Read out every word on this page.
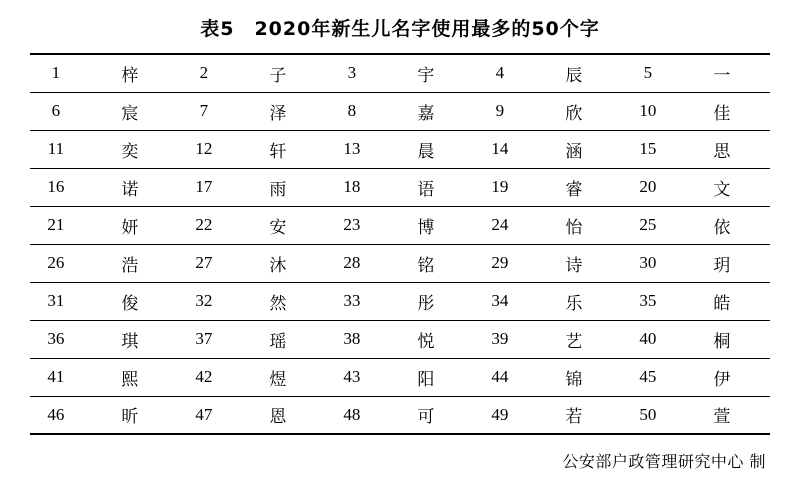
表5　2020年新生儿名字使用最多的50个字
1	梓	2	子	3	宇	4	辰	5	一
6	宸	7	泽	8	嘉	9	欣	10	佳
11	奕	12	轩	13	晨	14	涵	15	思
16	诺	17	雨	18	语	19	睿	20	文
21	妍	22	安	23	博	24	怡	25	依
26	浩	27	沐	28	铭	29	诗	30	玥
31	俊	32	然	33	彤	34	乐	35	皓
36	琪	37	瑶	38	悦	39	艺	40	桐
41	熙	42	煜	43	阳	44	锦	45	伊
46	昕	47	恩	48	可	49	若	50	萱
公安部户政管理研究中心 制
